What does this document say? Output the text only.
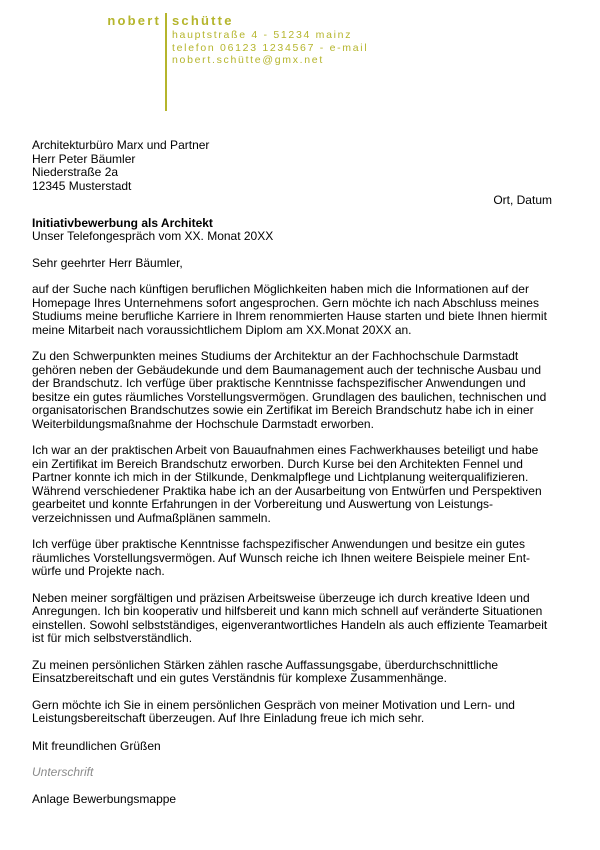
nobert schütte
hauptstraße 4 - 51234 mainz
telefon 06123 1234567 - e-mail
nobert.schütte@gmx.net
Architekturbüro Marx und Partner
Herr Peter Bäumler
Niederstraße 2a
12345 Musterstadt
Ort, Datum
Initiativbewerbung als Architekt
Unser Telefongespräch vom XX. Monat 20XX
Sehr geehrter Herr Bäumler,
auf der Suche nach künftigen beruflichen Möglichkeiten haben mich die Informationen auf der Homepage Ihres Unternehmens sofort angesprochen. Gern möchte ich nach Abschluss meines Studiums meine berufliche Karriere in Ihrem renommierten Hause starten und biete Ihnen hiermit meine Mitarbeit nach voraussichtlichem Diplom am XX.Monat 20XX an.
Zu den Schwerpunkten meines Studiums der Architektur an der Fachhochschule Darmstadt gehören neben der Gebäudekunde und dem Baumanagement auch der technische Ausbau und der Brandschutz. Ich verfüge über praktische Kenntnisse fachspezifischer Anwendungen und besitze ein gutes räumliches Vorstellungsvermögen. Grundlagen des baulichen, technischen und organisatorischen Brandschutzes sowie ein Zertifikat im Bereich Brandschutz habe ich in einer Weiterbildungsmaßnahme der Hochschule Darmstadt erworben.
Ich war an der praktischen Arbeit von Bauaufnahmen eines Fachwerkhauses beteiligt und habe ein Zertifikat im Bereich Brandschutz erworben. Durch Kurse bei den Architekten Fennel und Partner konnte ich mich in der Stilkunde, Denkmalpflege und Lichtplanung weiterqualifizieren. Während verschiedener Praktika habe ich an der Ausarbeitung von Entwürfen und Perspektiven gearbeitet und konnte Erfahrungen in der Vorbereitung und Auswertung von Leistungsverzeichnissen und Aufmaßplänen sammeln.
Ich verfüge über praktische Kenntnisse fachspezifischer Anwendungen und besitze ein gutes räumliches Vorstellungsvermögen. Auf Wunsch reiche ich Ihnen weitere Beispiele meiner Entwürfe und Projekte nach.
Neben meiner sorgfältigen und präzisen Arbeitsweise überzeuge ich durch kreative Ideen und Anregungen. Ich bin kooperativ und hilfsbereit und kann mich schnell auf veränderte Situationen einstellen. Sowohl selbstständiges, eigenverantwortliches Handeln als auch effiziente Teamarbeit ist für mich selbstverständlich.
Zu meinen persönlichen Stärken zählen rasche Auffassungsgabe, überdurchschnittliche Einsatzbereitschaft und ein gutes Verständnis für komplexe Zusammenhänge.
Gern möchte ich Sie in einem persönlichen Gespräch von meiner Motivation und Lern- und Leistungsbereitschaft überzeugen. Auf Ihre Einladung freue ich mich sehr.
Mit freundlichen Grüßen
Unterschrift
Anlage Bewerbungsmappe
